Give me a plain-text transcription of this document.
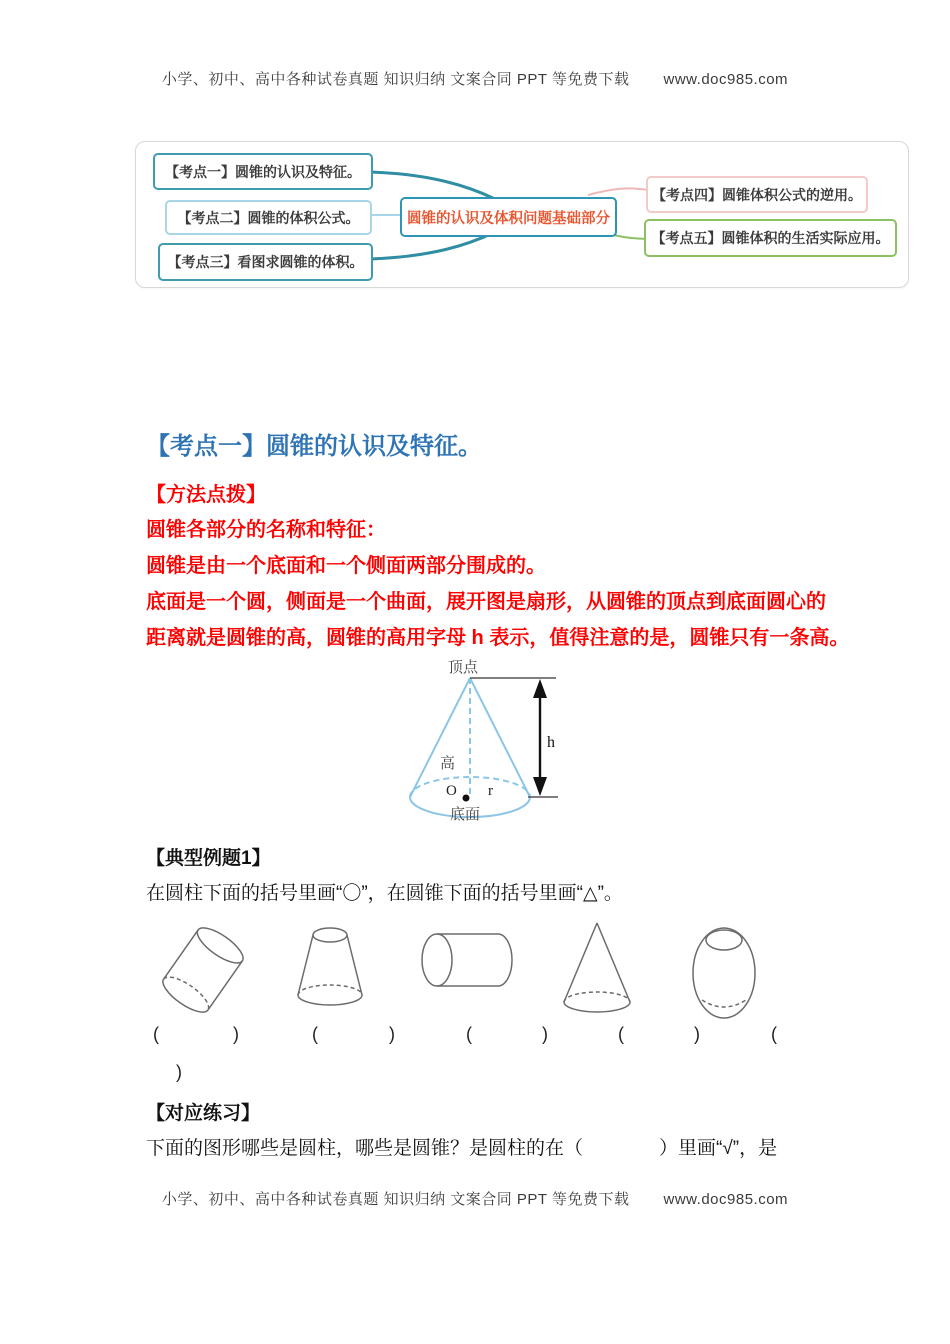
小学、初中、高中各种试卷真题 知识归纳 文案合同 PPT 等免费下载 www.doc985.com
【考点一】圆锥的认识及特征。
【考点二】圆锥的体积公式。
【考点三】看图求圆锥的体积。
圆锥的认识及体积问题基础部分
【考点四】圆锥体积公式的逆用。
【考点五】圆锥体积的生活实际应用。
【考点一】圆锥的认识及特征。
【方法点拨】
圆锥各部分的名称和特征：
圆锥是由一个底面和一个侧面两部分围成的。
底面是一个圆，侧面是一个曲面，展开图是扇形，从圆锥的顶点到底面圆心的
距离就是圆锥的高，圆锥的高用字母 h 表示，值得注意的是，圆锥只有一条高。
顶点
高
h
O r
底面
【典型例题1】
在圆柱下面的括号里画“〇”，在圆锥下面的括号里画“△”。
(	)	(	)	(	)	(	)	(
)
【对应练习】
下面的图形哪些是圆柱，哪些是圆锥？是圆柱的在（　　　　）里画“√”，是
小学、初中、高中各种试卷真题 知识归纳 文案合同 PPT 等免费下载 www.doc985.com
